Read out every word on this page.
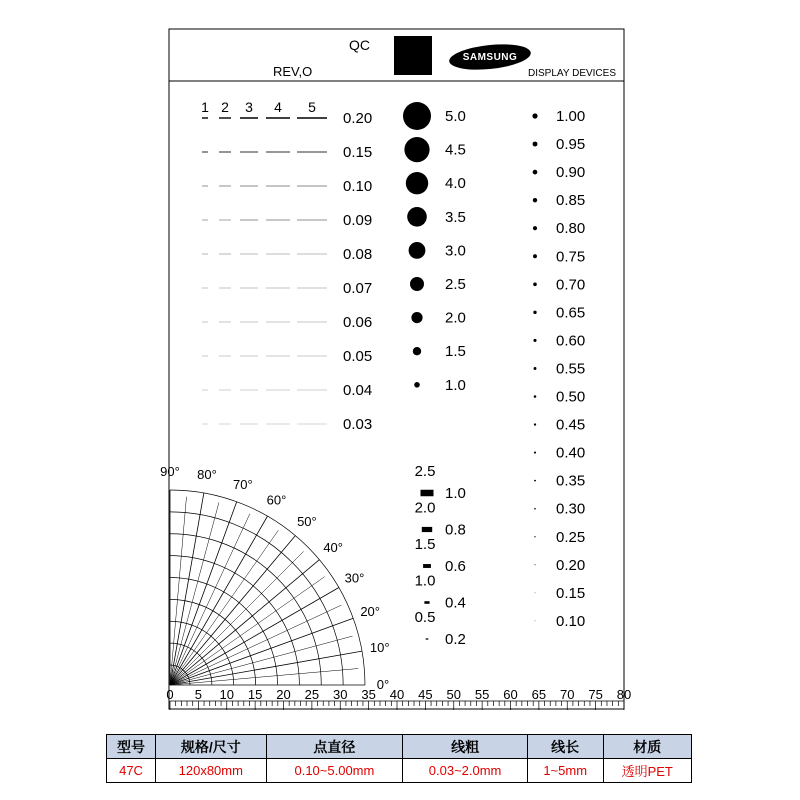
QC
REV,O
SAMSUNG
DISPLAY DEVICES
1 2 3 4 5
0.20
0.15
0.10
0.09
0.08
0.07
0.06
0.05
0.04
0.03
5.0
4.5
4.0
3.5
3.0
2.5
2.0
1.5
1.0
1.00
0.95
0.90
0.85
0.80
0.75
0.70
0.65
0.60
0.55
0.50
0.45
0.40
0.35
0.30
0.25
0.20
0.15
0.10
2.5
1.0
2.0
0.8
1.5
0.6
1.0
0.4
0.5
0.2
0°
10°
20°
30°
40°
50°
60°
70°
80°
90°
0 5 10 15 20 25 30 35 40 45 50 55 60 65 70 75 80
型号	规格/尺寸	点直径	线粗	线长	材质
47C	120x80mm	0.10~5.00mm	0.03~2.0mm	1~5mm	透明PET
